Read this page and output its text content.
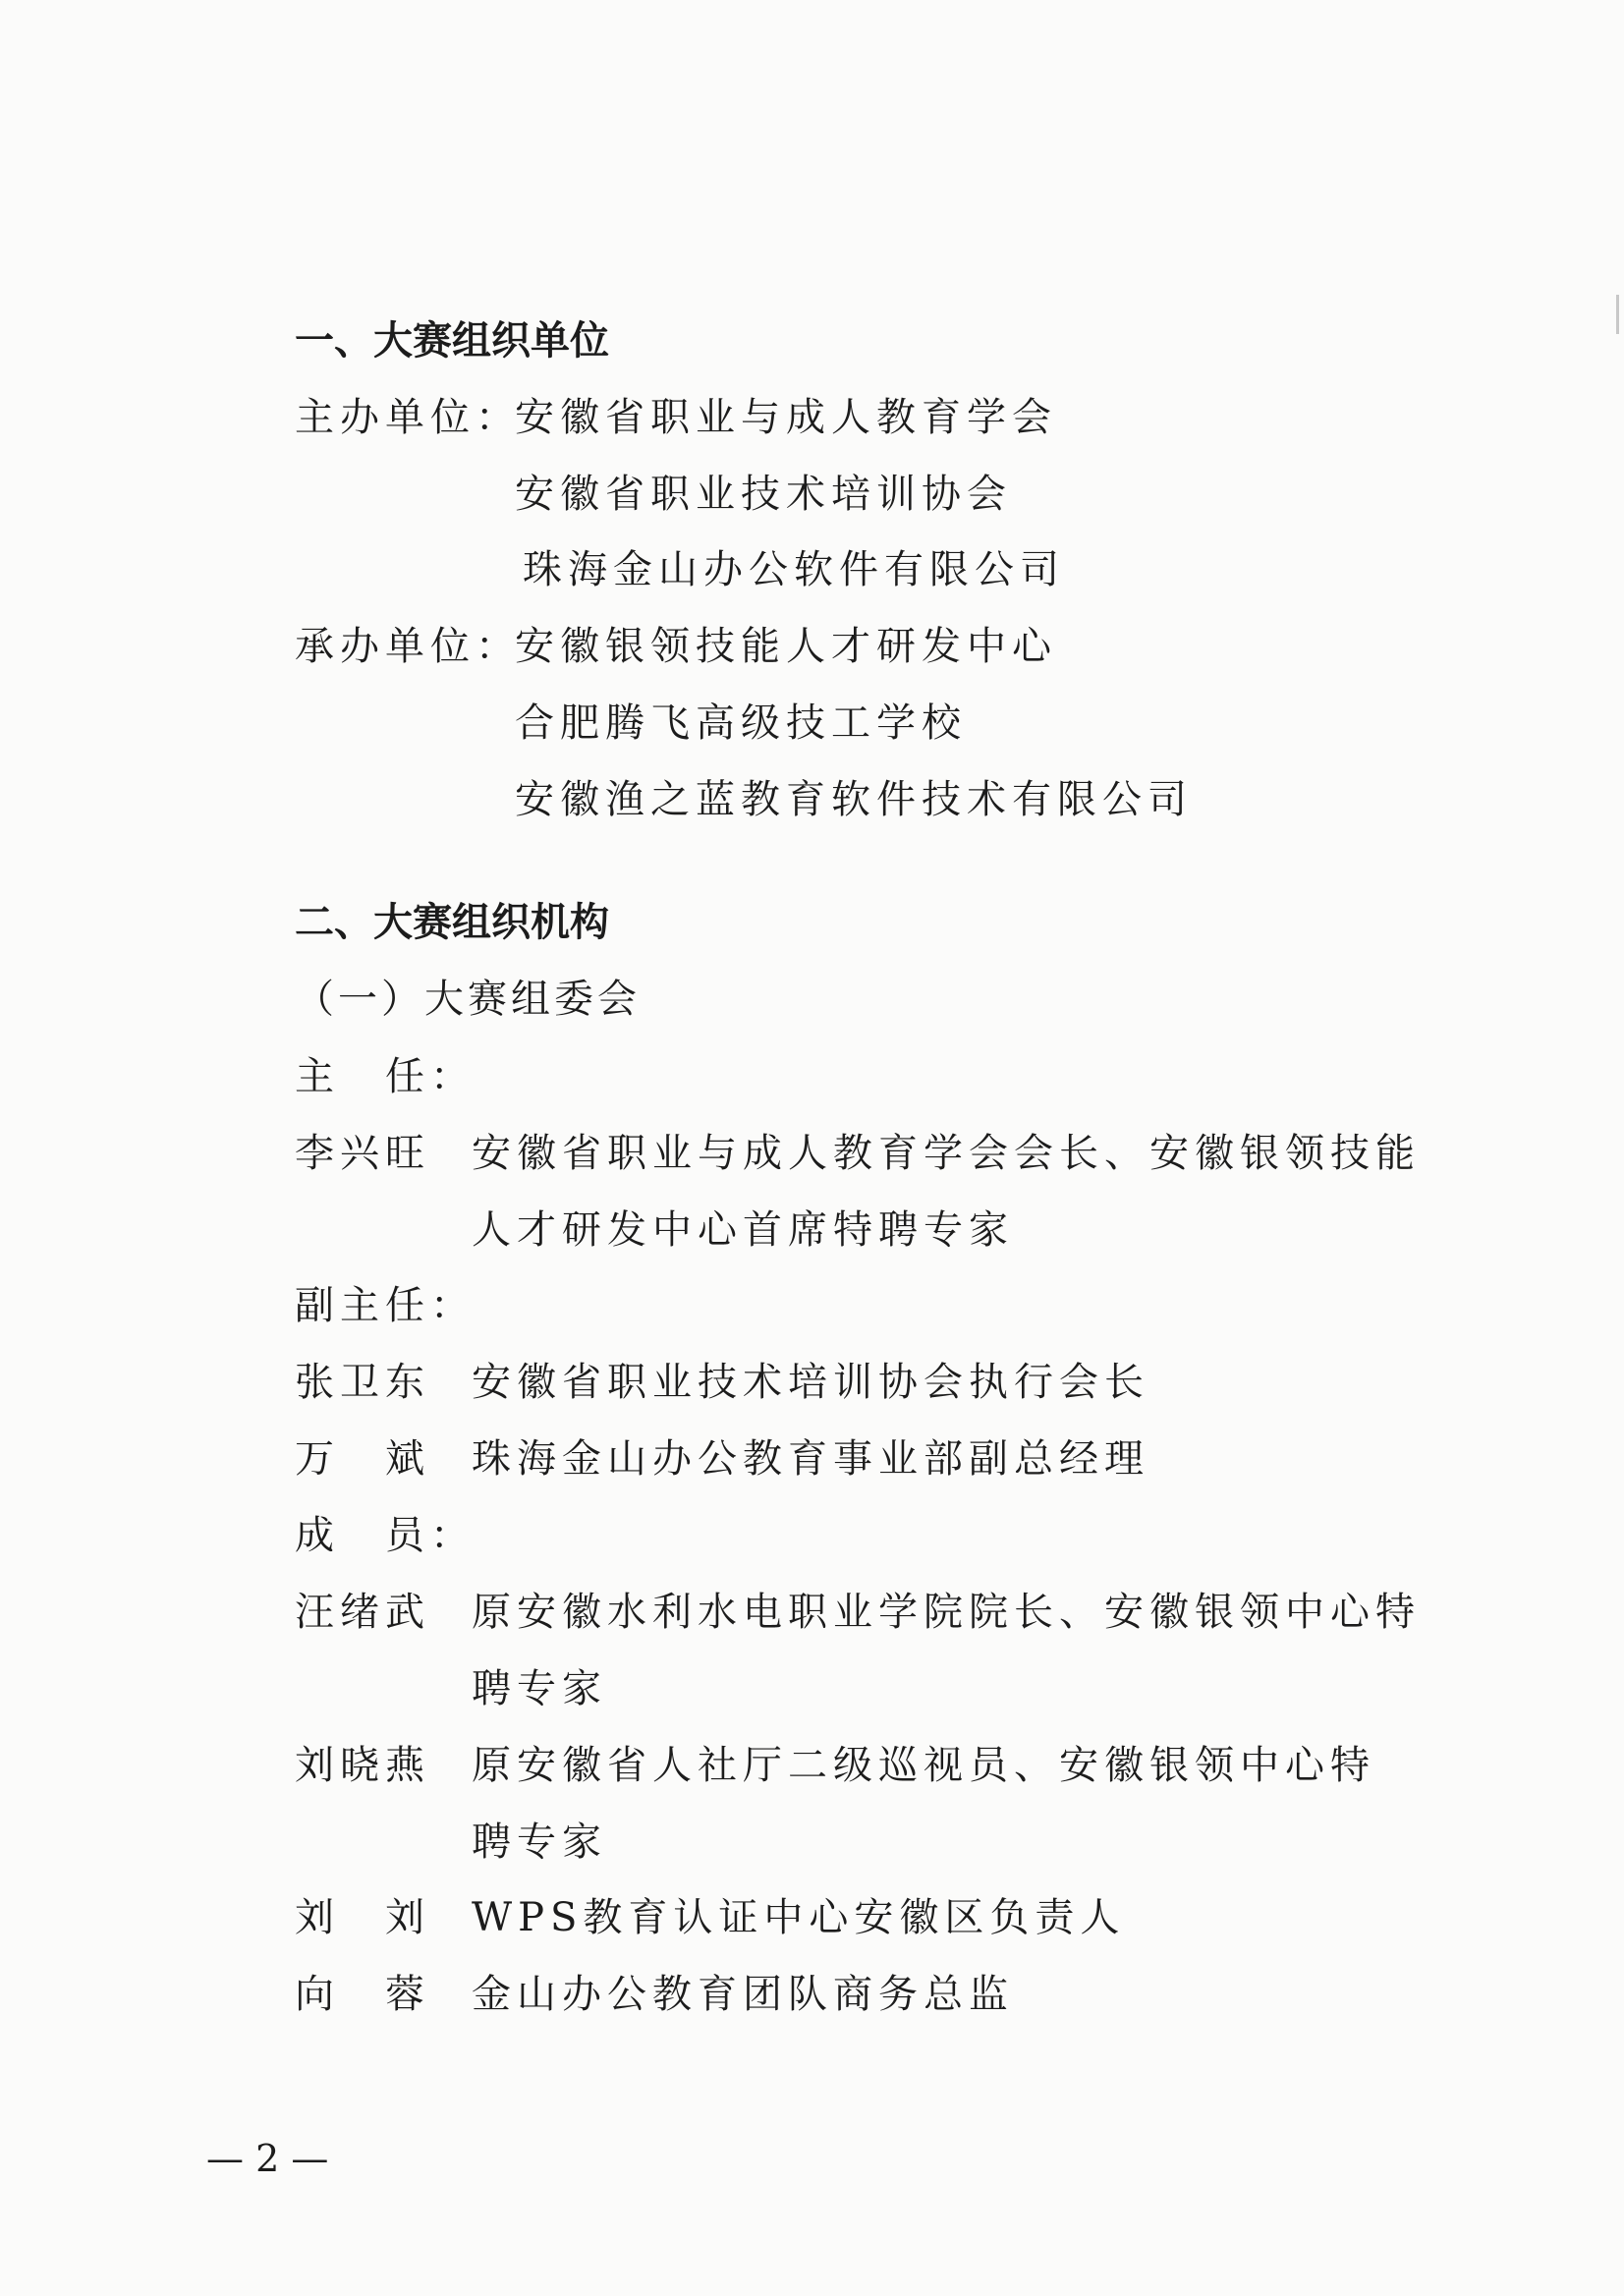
一、大赛组织单位
主办单位：
安徽省职业与成人教育学会
安徽省职业技术培训协会
珠海金山办公软件有限公司
承办单位：
安徽银领技能人才研发中心
合肥腾飞高级技工学校
安徽渔之蓝教育软件技术有限公司
二、大赛组织机构
（一）大赛组委会
主　任：
李兴旺	安徽省职业与成人教育学会会长、安徽银领技能人才研发中心首席特聘专家
副主任：
张卫东	安徽省职业技术培训协会执行会长
万　斌	珠海金山办公教育事业部副总经理
成　员：
汪绪武	原安徽水利水电职业学院院长、安徽银领中心特聘专家
刘晓燕	原安徽省人社厅二级巡视员、安徽银领中心特聘专家
刘　刘	WPS教育认证中心安徽区负责人
向　蓉	金山办公教育团队商务总监
— 2 —
